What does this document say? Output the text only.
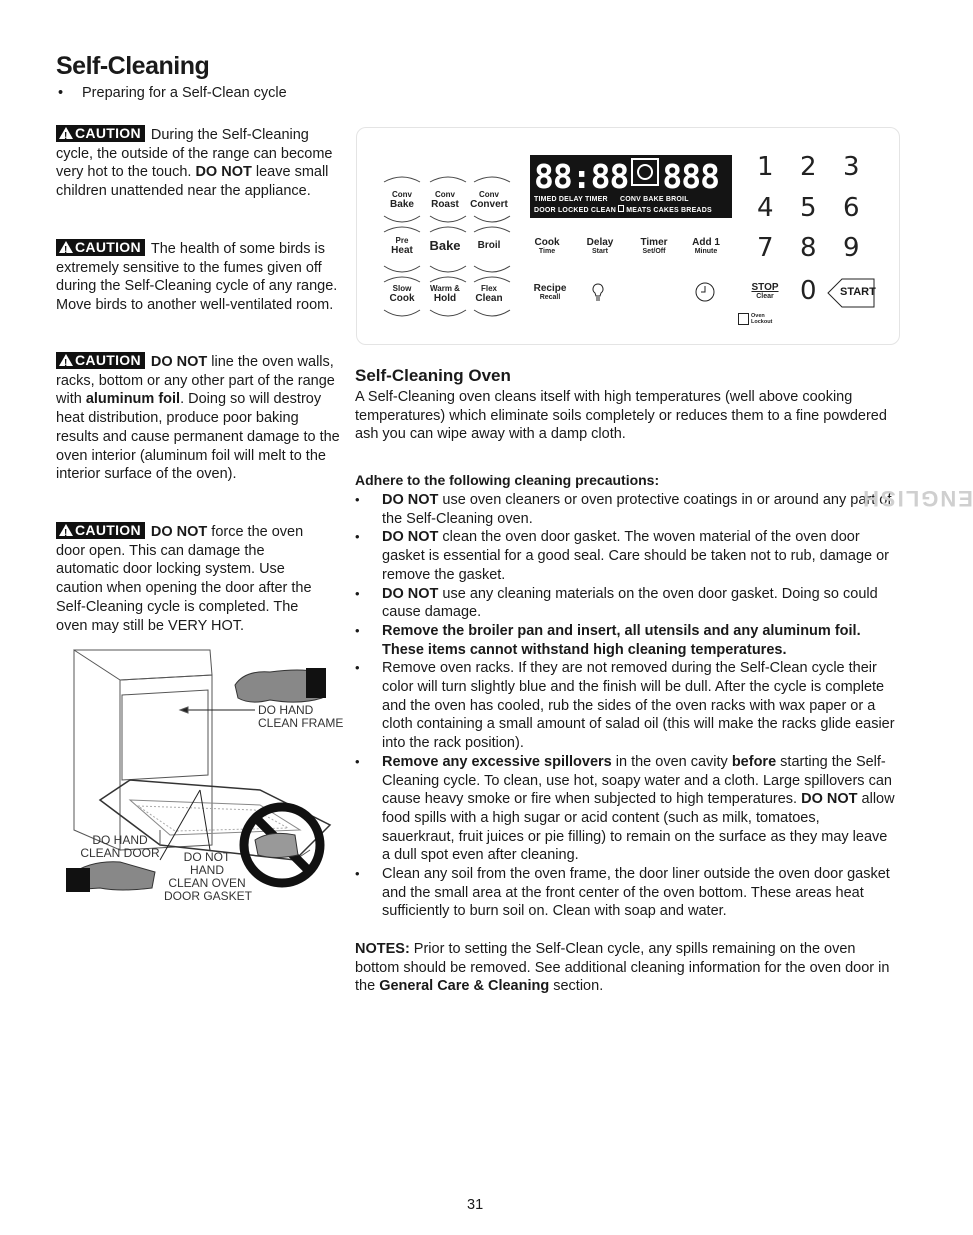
Self-Cleaning
• Preparing for a Self-Clean cycle
! CAUTION During the Self-Cleaning cycle, the outside of the range can become very hot to the touch. DO NOT leave small children unattended near the appliance.
! CAUTION The health of some birds is extremely sensitive to the fumes given off during the Self-Cleaning cycle of any range. Move birds to another well-ventilated room.
! CAUTION DO NOT line the oven walls, racks, bottom or any other part of the range with aluminum foil. Doing so will destroy heat distribution, produce poor baking results and cause permanent damage to the oven interior (aluminum foil will melt to the interior surface of the oven).
! CAUTION DO NOT force the oven door open. This can damage the automatic door locking system. Use caution when opening the door after the Self-Cleaning cycle is completed. The oven may still be VERY HOT.
DO HAND
CLEAN FRAME
DO HAND
CLEAN DOOR	DO NOT
HAND
CLEAN OVEN
DOOR GASKET
Conv
Bake
Conv
Roast
Conv
Convert
Pre
Heat	Bake	Broil
Slow
Cook
Warm &
Hold
Flex
Clean
88:88 888
TIMED DELAY TIMER CONV BAKE BROIL
DOOR LOCKED CLEAN MEATS CAKES BREADS
Cook
Time
Delay
Start
Timer
Set/Off
Add 1
Minute
Recipe
Recall
STOP
Clear
Oven
Lockout
1 2 3
4 5 6
7 8 9
0 START
Self-Cleaning Oven
A Self-Cleaning oven cleans itself with high temperatures (well above cooking temperatures) which eliminate soils completely or reduces them to a fine powdered ash you can wipe away with a damp cloth.
Adhere to the following cleaning precautions:
• DO NOT use oven cleaners or oven protective coatings in or around any part of the Self-Cleaning oven.
• DO NOT clean the oven door gasket. The woven material of the oven door gasket is essential for a good seal. Care should be taken not to rub, damage or remove the gasket.
• DO NOT use any cleaning materials on the oven door gasket. Doing so could cause damage.
• Remove the broiler pan and insert, all utensils and any aluminum foil. These items cannot withstand high cleaning temperatures.
• Remove oven racks. If they are not removed during the Self-Clean cycle their color will turn slightly blue and the finish will be dull. After the cycle is complete and the oven has cooled, rub the sides of the oven racks with wax paper or a cloth containing a small amount of salad oil (this will make the racks glide easier into the rack position).
• Remove any excessive spillovers in the oven cavity before starting the Self-Cleaning cycle. To clean, use hot, soapy water and a cloth. Large spillovers can cause heavy smoke or fire when subjected to high temperatures. DO NOT allow food spills with a high sugar or acid content (such as milk, tomatoes, sauerkraut, fruit juices or pie filling) to remain on the surface as they may leave a dull spot even after cleaning.
• Clean any soil from the oven frame, the door liner outside the oven door gasket and the small area at the front center of the oven bottom. These areas heat sufficiently to burn soil on. Clean with soap and water.
NOTES: Prior to setting the Self-Clean cycle, any spills remaining on the oven bottom should be removed. See additional cleaning information for the oven door in the General Care & Cleaning section.
ENGLISH
31
